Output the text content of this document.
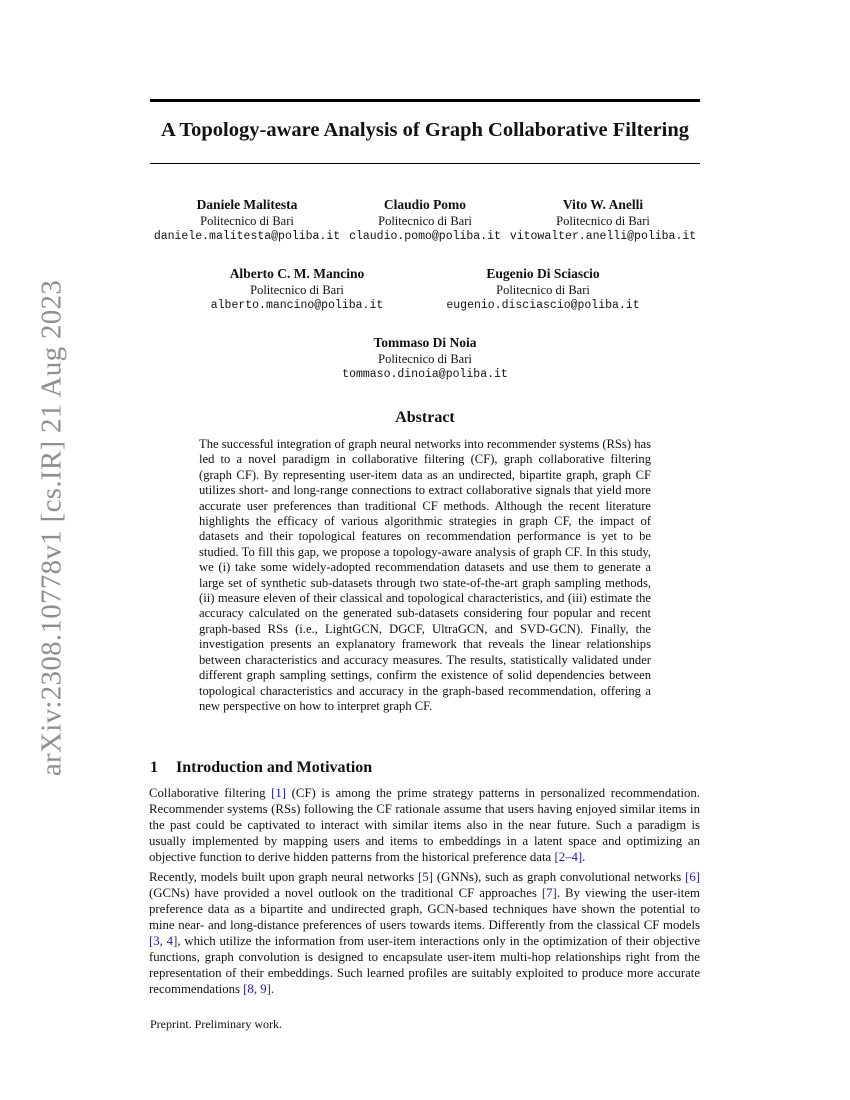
arXiv:2308.10778v1 [cs.IR] 21 Aug 2023
A Topology-aware Analysis of Graph Collaborative Filtering
Daniele Malitesta
Politecnico di Bari
daniele.malitesta@poliba.it
Claudio Pomo
Politecnico di Bari
claudio.pomo@poliba.it
Vito W. Anelli
Politecnico di Bari
vitowalter.anelli@poliba.it
Alberto C. M. Mancino
Politecnico di Bari
alberto.mancino@poliba.it
Eugenio Di Sciascio
Politecnico di Bari
eugenio.disciascio@poliba.it
Tommaso Di Noia
Politecnico di Bari
tommaso.dinoia@poliba.it
Abstract
The successful integration of graph neural networks into recommender systems (RSs) has led to a novel paradigm in collaborative filtering (CF), graph collaborative filtering (graph CF). By representing user-item data as an undirected, bipartite graph, graph CF utilizes short- and long-range connections to extract collaborative signals that yield more accurate user preferences than traditional CF methods. Although the recent literature highlights the efficacy of various algorithmic strategies in graph CF, the impact of datasets and their topological features on recommendation performance is yet to be studied. To fill this gap, we propose a topology-aware analysis of graph CF. In this study, we (i) take some widely-adopted recommendation datasets and use them to generate a large set of synthetic sub-datasets through two state-of-the-art graph sampling methods, (ii) measure eleven of their classical and topological characteristics, and (iii) estimate the accuracy calculated on the generated sub-datasets considering four popular and recent graph-based RSs (i.e., LightGCN, DGCF, UltraGCN, and SVD-GCN). Finally, the investigation presents an explanatory framework that reveals the linear relationships between characteristics and accuracy measures. The results, statistically validated under different graph sampling settings, confirm the existence of solid dependencies between topological characteristics and accuracy in the graph-based recommendation, offering a new perspective on how to interpret graph CF.
1 Introduction and Motivation
Collaborative filtering [1] (CF) is among the prime strategy patterns in personalized recommendation. Recommender systems (RSs) following the CF rationale assume that users having enjoyed similar items in the past could be captivated to interact with similar items also in the near future. Such a paradigm is usually implemented by mapping users and items to embeddings in a latent space and optimizing an objective function to derive hidden patterns from the historical preference data [2–4].
Recently, models built upon graph neural networks [5] (GNNs), such as graph convolutional networks [6] (GCNs) have provided a novel outlook on the traditional CF approaches [7]. By viewing the user-item preference data as a bipartite and undirected graph, GCN-based techniques have shown the potential to mine near- and long-distance preferences of users towards items. Differently from the classical CF models [3, 4], which utilize the information from user-item interactions only in the optimization of their objective functions, graph convolution is designed to encapsulate user-item multi-hop relationships right from the representation of their embeddings. Such learned profiles are suitably exploited to produce more accurate recommendations [8, 9].
Preprint. Preliminary work.
